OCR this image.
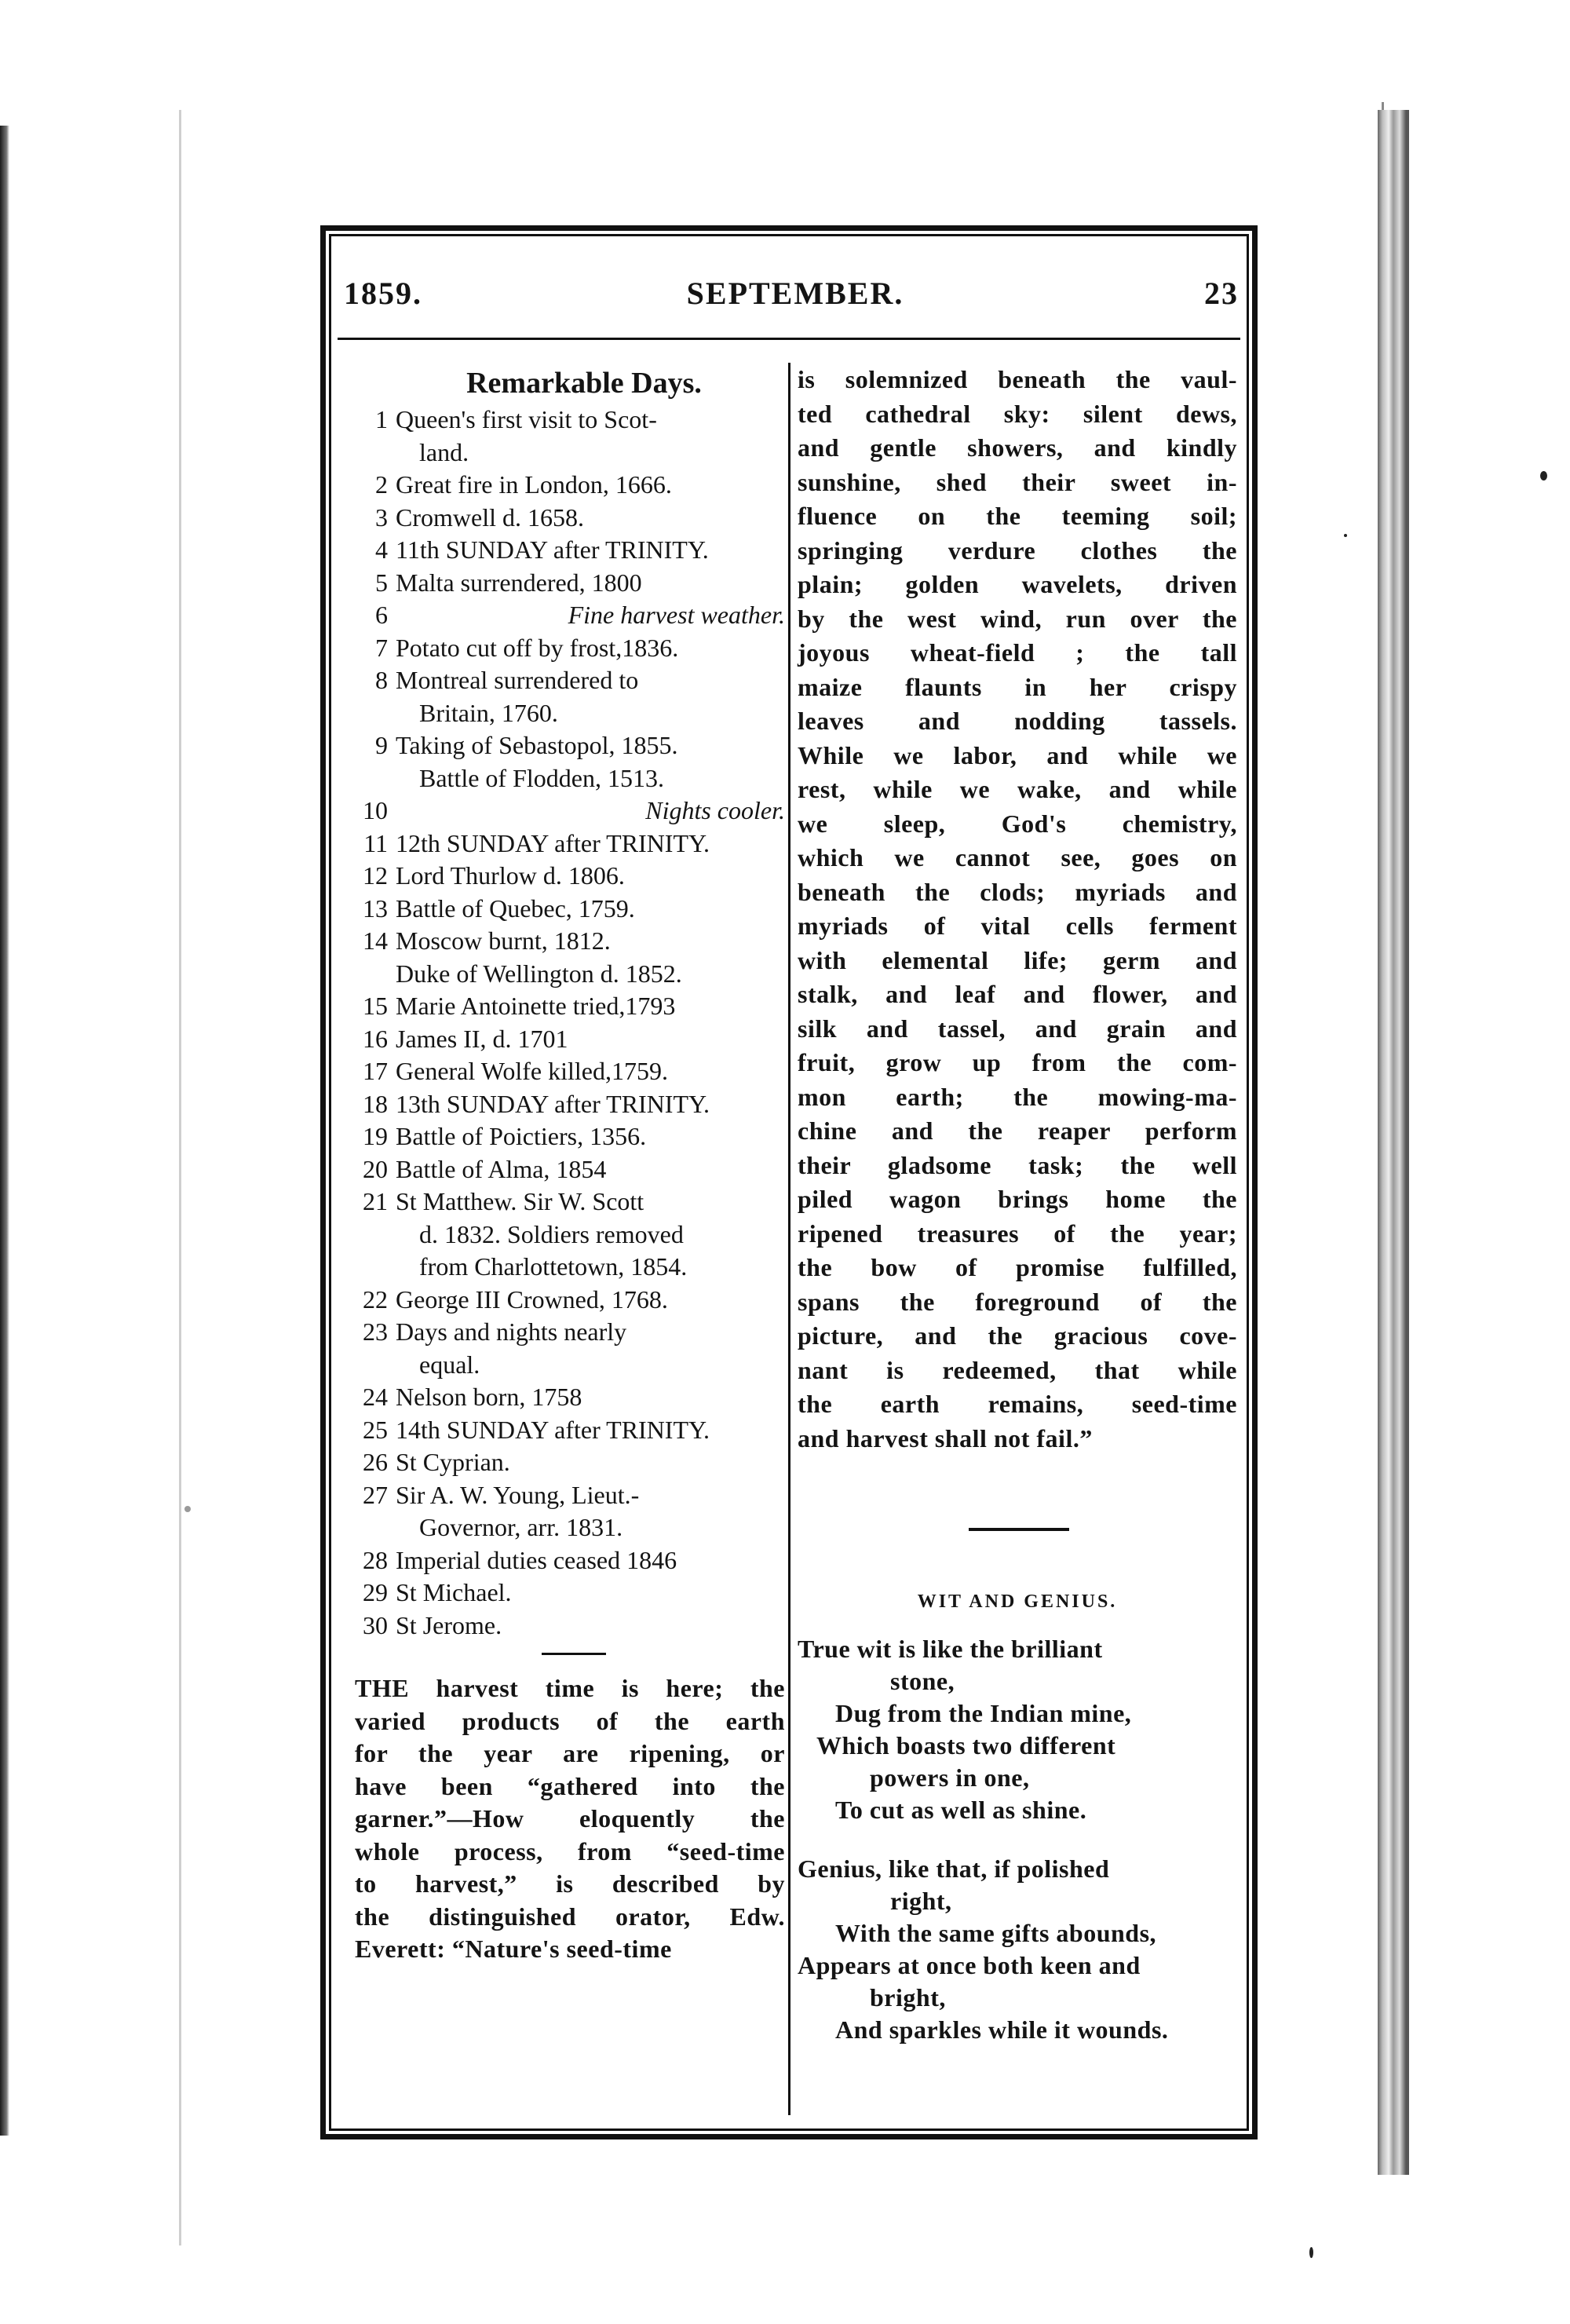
1859.	SEPTEMBER.	23
Remarkable Days.
1 Queen's first visit to Scot-
land.
2 Great fire in London, 1666.
3 Cromwell d. 1658.
4 11th SUNDAY after TRINITY.
5 Malta surrendered, 1800
6	Fine harvest weather.
7 Potato cut off by frost,1836.
8 Montreal surrendered to
Britain, 1760.
9 Taking of Sebastopol, 1855.
Battle of Flodden, 1513.
10	Nights cooler.
11 12th SUNDAY after TRINITY.
12 Lord Thurlow d. 1806.
13 Battle of Quebec, 1759.
14 Moscow burnt, 1812.
Duke of Wellington d. 1852.
15 Marie Antoinette tried,1793
16 James II, d. 1701
17 General Wolfe killed,1759.
18 13th SUNDAY after TRINITY.
19 Battle of Poictiers, 1356.
20 Battle of Alma, 1854
21 St Matthew. Sir W. Scott
d. 1832. Soldiers removed
from Charlottetown, 1854.
22 George III Crowned, 1768.
23 Days and nights nearly
equal.
24 Nelson born, 1758
25 14th SUNDAY after TRINITY.
26 St Cyprian.
27 Sir A. W. Young, Lieut.-
Governor, arr. 1831.
28 Imperial duties ceased 1846
29 St Michael.
30 St Jerome.
THE harvest time is here; the
varied products of the earth
for the year are ripening, or
have been “gathered into the
garner.”—How eloquently the
whole process, from “seed-time
to harvest,” is described by
the distinguished orator, Edw.
Everett: “Nature's seed-time
is solemnized beneath the vaul-
ted cathedral sky: silent dews,
and gentle showers, and kindly
sunshine, shed their sweet in-
fluence on the teeming soil;
springing verdure clothes the
plain; golden wavelets, driven
by the west wind, run over the
joyous wheat-field ; the tall
maize flaunts in her crispy
leaves and nodding tassels.
While we labor, and while we
rest, while we wake, and while
we sleep, God's chemistry,
which we cannot see, goes on
beneath the clods; myriads and
myriads of vital cells ferment
with elemental life; germ and
stalk, and leaf and flower, and
silk and tassel, and grain and
fruit, grow up from the com-
mon earth; the mowing-ma-
chine and the reaper perform
their gladsome task; the well
piled wagon brings home the
ripened treasures of the year;
the bow of promise fulfilled,
spans the foreground of the
picture, and the gracious cove-
nant is redeemed, that while
the earth remains, seed-time
and harvest shall not fail.”
WIT AND GENIUS.
True wit is like the brilliant
stone,
Dug from the Indian mine,
Which boasts two different
powers in one,
To cut as well as shine.
Genius, like that, if polished
right,
With the same gifts abounds,
Appears at once both keen and
bright,
And sparkles while it wounds.
